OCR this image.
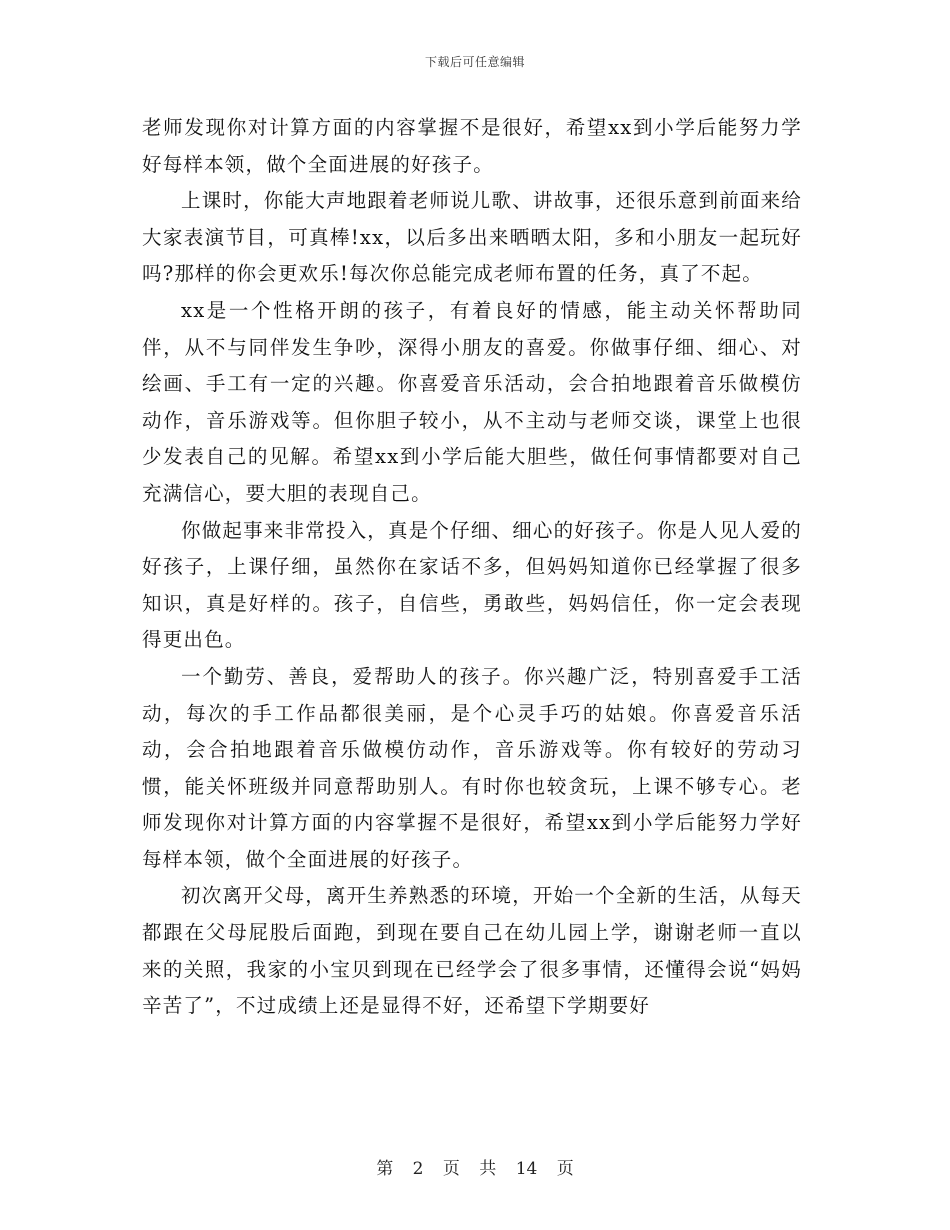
下载后可任意编辑

老师发现你对计算方面的内容掌握不是很好，希望xx到小学后能努力学好每样本领，做个全面进展的好孩子。

上课时，你能大声地跟着老师说儿歌、讲故事，还很乐意到前面来给大家表演节目，可真棒!xx，以后多出来晒晒太阳，多和小朋友一起玩好吗?那样的你会更欢乐!每次你总能完成老师布置的任务，真了不起。

xx是一个性格开朗的孩子，有着良好的情感，能主动关怀帮助同伴，从不与同伴发生争吵，深得小朋友的喜爱。你做事仔细、细心、对绘画、手工有一定的兴趣。你喜爱音乐活动，会合拍地跟着音乐做模仿动作，音乐游戏等。但你胆子较小，从不主动与老师交谈，课堂上也很少发表自己的见解。希望xx到小学后能大胆些，做任何事情都要对自己充满信心，要大胆的表现自己。

你做起事来非常投入，真是个仔细、细心的好孩子。你是人见人爱的好孩子，上课仔细，虽然你在家话不多，但妈妈知道你已经掌握了很多知识，真是好样的。孩子，自信些，勇敢些，妈妈信任，你一定会表现得更出色。

一个勤劳、善良，爱帮助人的孩子。你兴趣广泛，特别喜爱手工活动，每次的手工作品都很美丽，是个心灵手巧的姑娘。你喜爱音乐活动，会合拍地跟着音乐做模仿动作，音乐游戏等。你有较好的劳动习惯，能关怀班级并同意帮助别人。有时你也较贪玩，上课不够专心。老师发现你对计算方面的内容掌握不是很好，希望xx到小学后能努力学好每样本领，做个全面进展的好孩子。

初次离开父母，离开生养熟悉的环境，开始一个全新的生活，从每天都跟在父母屁股后面跑，到现在要自己在幼儿园上学，谢谢老师一直以来的关照，我家的小宝贝到现在已经学会了很多事情，还懂得会说“妈妈辛苦了”，不过成绩上还是显得不好，还希望下学期要好

第 2 页 共 14 页
